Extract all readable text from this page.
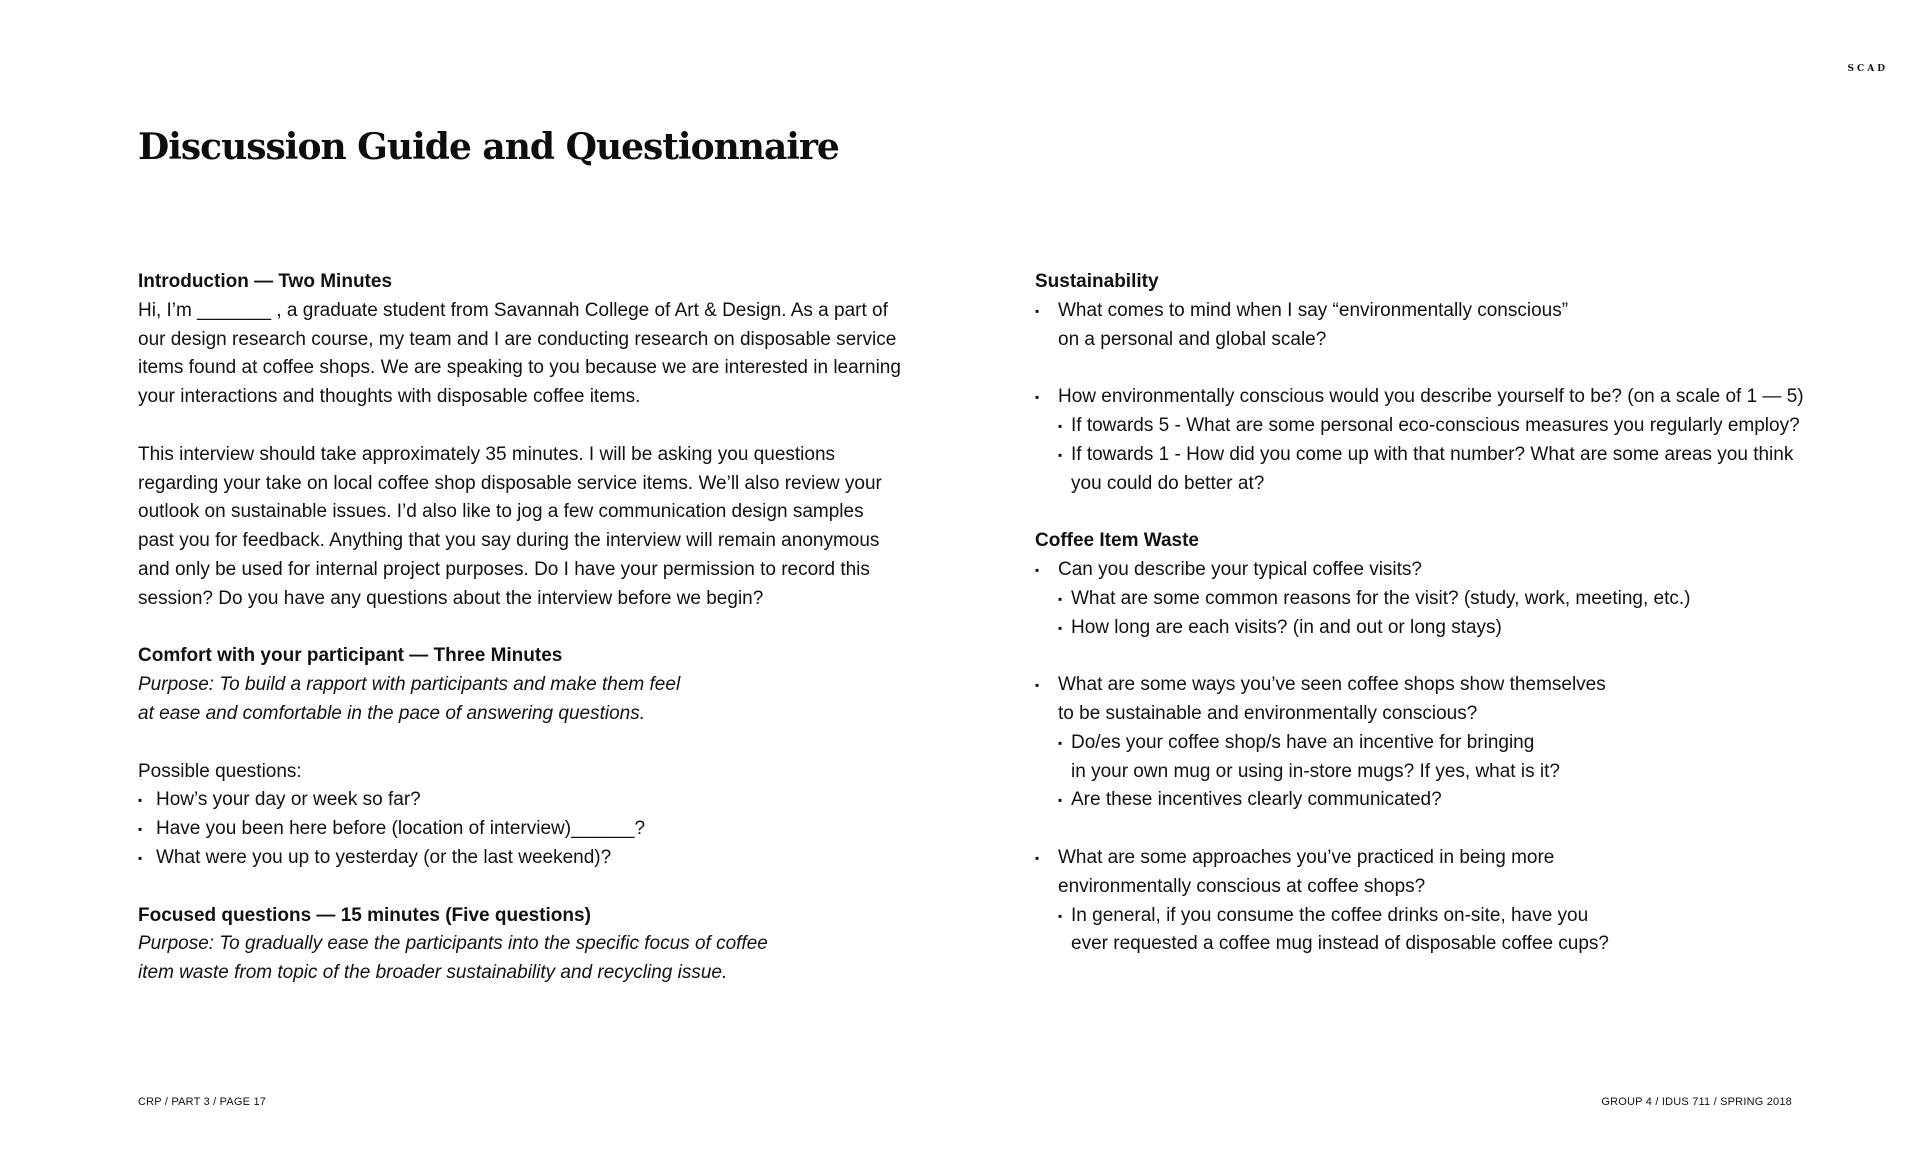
SCAD
Discussion Guide and Questionnaire
Introduction — Two Minutes
Hi, I’m _______ , a graduate student from Savannah College of Art & Design. As a part of
our design research course, my team and I are conducting research on disposable service
items found at coffee shops. We are speaking to you because we are interested in learning
your interactions and thoughts with disposable coffee items.
This interview should take approximately 35 minutes. I will be asking you questions
regarding your take on local coffee shop disposable service items. We’ll also review your
outlook on sustainable issues. I’d also like to jog a few communication design samples
past you for feedback. Anything that you say during the interview will remain anonymous
and only be used for internal project purposes. Do I have your permission to record this
session? Do you have any questions about the interview before we begin?
Comfort with your participant — Three Minutes
Purpose: To build a rapport with participants and make them feel
at ease and comfortable in the pace of answering questions.
Possible questions:
▪ How’s your day or week so far?
▪ Have you been here before (location of interview)______?
▪ What were you up to yesterday (or the last weekend)?
Focused questions — 15 minutes (Five questions)
Purpose: To gradually ease the participants into the specific focus of coffee
item waste from topic of the broader sustainability and recycling issue.
Sustainability
▪ What comes to mind when I say “environmentally conscious”
on a personal and global scale?
▪ How environmentally conscious would you describe yourself to be? (on a scale of 1 — 5)
▪ If towards 5 - What are some personal eco-conscious measures you regularly employ?
▪ If towards 1 - How did you come up with that number? What are some areas you think
you could do better at?
Coffee Item Waste
▪ Can you describe your typical coffee visits?
▪ What are some common reasons for the visit? (study, work, meeting, etc.)
▪ How long are each visits? (in and out or long stays)
▪ What are some ways you’ve seen coffee shops show themselves
to be sustainable and environmentally conscious?
▪ Do/es your coffee shop/s have an incentive for bringing
in your own mug or using in-store mugs? If yes, what is it?
▪ Are these incentives clearly communicated?
▪ What are some approaches you’ve practiced in being more
environmentally conscious at coffee shops?
▪ In general, if you consume the coffee drinks on-site, have you
ever requested a coffee mug instead of disposable coffee cups?
CRP / PART 3 / PAGE 17	GROUP 4 / IDUS 711 / SPRING 2018
